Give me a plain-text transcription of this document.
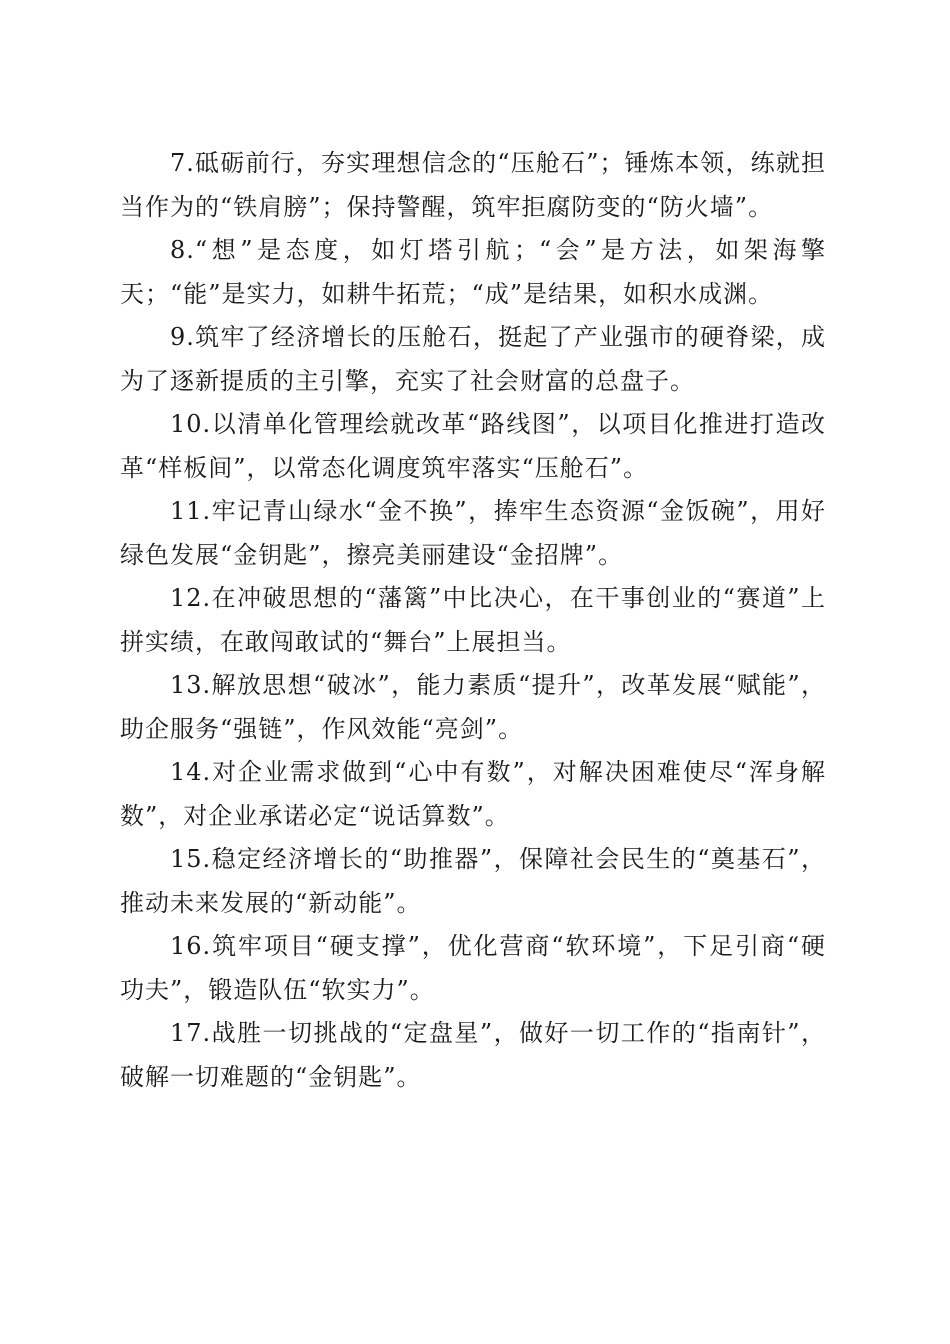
7.砥砺前行，夯实理想信念的“压舱石”；锤炼本领，练就担当作为的“铁肩膀”；保持警醒，筑牢拒腐防变的“防火墙”。

8.“想”是态度，如灯塔引航；“会”是方法，如架海擎天；“能”是实力，如耕牛拓荒；“成”是结果，如积水成渊。

9.筑牢了经济增长的压舱石，挺起了产业强市的硬脊梁，成为了逐新提质的主引擎，充实了社会财富的总盘子。

10.以清单化管理绘就改革“路线图”，以项目化推进打造改革“样板间”，以常态化调度筑牢落实“压舱石”。

11.牢记青山绿水“金不换”，捧牢生态资源“金饭碗”，用好绿色发展“金钥匙”，擦亮美丽建设“金招牌”。

12.在冲破思想的“藩篱”中比决心，在干事创业的“赛道”上拼实绩，在敢闯敢试的“舞台”上展担当。

13.解放思想“破冰”，能力素质“提升”，改革发展“赋能”，助企服务“强链”，作风效能“亮剑”。

14.对企业需求做到“心中有数”，对解决困难使尽“浑身解数”，对企业承诺必定“说话算数”。

15.稳定经济增长的“助推器”，保障社会民生的“奠基石”，推动未来发展的“新动能”。

16.筑牢项目“硬支撑”，优化营商“软环境”，下足引商“硬功夫”，锻造队伍“软实力”。

17.战胜一切挑战的“定盘星”，做好一切工作的“指南针”，破解一切难题的“金钥匙”。
